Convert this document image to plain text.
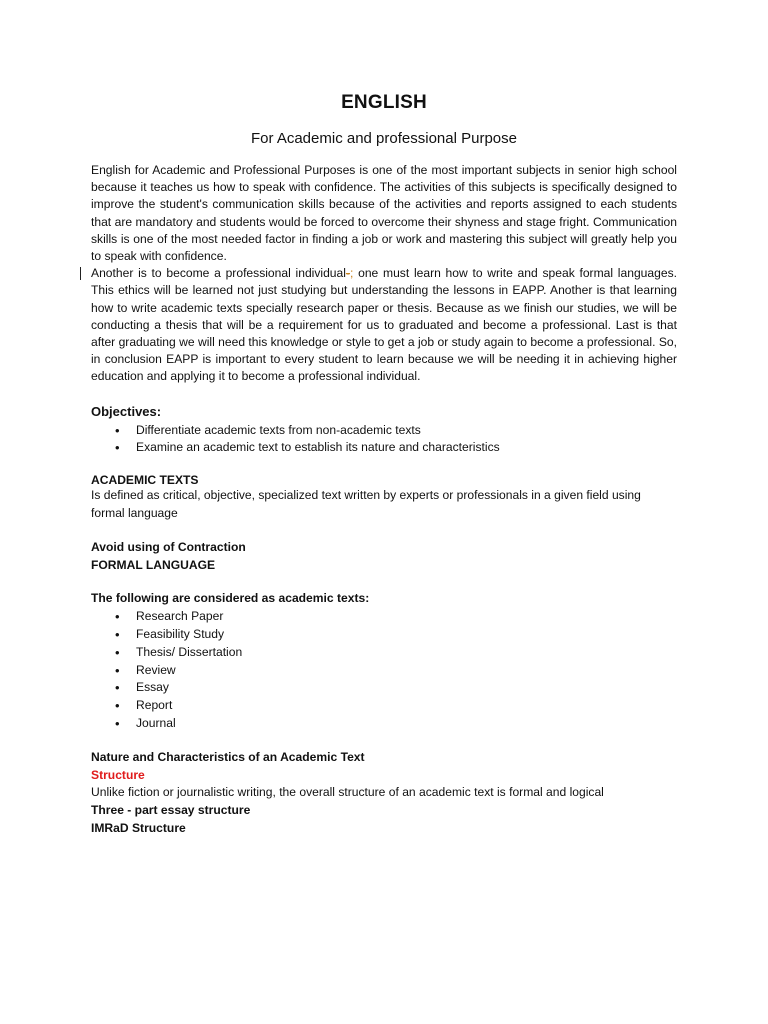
ENGLISH
For Academic and professional Purpose

English for Academic and Professional Purposes is one of the most important subjects in senior high school because it teaches us how to speak with confidence. The activities of this subjects is specifically designed to improve the student's communication skills because of the activities and reports assigned to each students that are mandatory and students would be forced to overcome their shyness and stage fright. Communication skills is one of the most needed factor in finding a job or work and mastering this subject will greatly help you to speak with confidence.

Another is to become a professional individual-; one must learn how to write and speak formal languages. This ethics will be learned not just studying but understanding the lessons in EAPP. Another is that learning how to write academic texts specially research paper or thesis. Because as we finish our studies, we will be conducting a thesis that will be a requirement for us to graduated and become a professional. Last is that after graduating we will need this knowledge or style to get a job or study again to become a professional. So, in conclusion EAPP is important to every student to learn because we will be needing it in achieving higher education and applying it to become a professional individual.

Objectives:
• Differentiate academic texts from non-academic texts
• Examine an academic text to establish its nature and characteristics
ACADEMIC TEXTS
Is defined as critical, objective, specialized text written by experts or professionals in a given field using formal language
Avoid using of Contraction
FORMAL LANGUAGE
The following are considered as academic texts:
• Research Paper
• Feasibility Study
• Thesis/ Dissertation
• Review
• Essay
• Report
• Journal
Nature and Characteristics of an Academic Text
Structure
Unlike fiction or journalistic writing, the overall structure of an academic text is formal and logical
Three - part essay structure
IMRaD Structure
